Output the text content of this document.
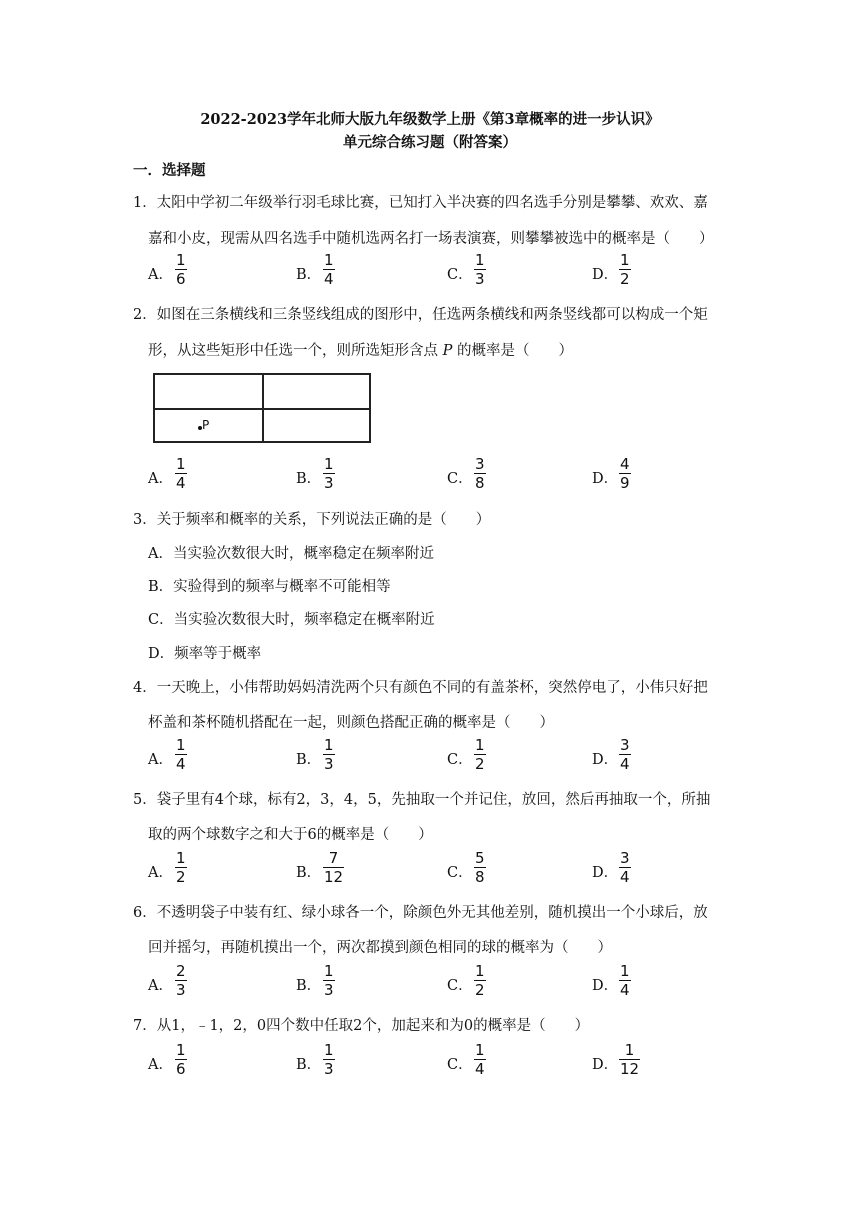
2022-2023学年北师大版九年级数学上册《第3章概率的进一步认识》
单元综合练习题（附答案）
一．选择题
1．太阳中学初二年级举行羽毛球比赛，已知打入半决赛的四名选手分别是攀攀、欢欢、嘉
嘉和小皮，现需从四名选手中随机选两名打一场表演赛，则攀攀被选中的概率是（　　）
A．
1
6	B．
1
4	C．
1
3	D．
1
2
2．如图在三条横线和三条竖线组成的图形中，任选两条横线和两条竖线都可以构成一个矩
形，从这些矩形中任选一个，则所选矩形含点 P 的概率是（　　）
P
A．
1
4	B．
1
3	C．
3
8	D．
4
9
3．关于频率和概率的关系，下列说法正确的是（　　）
A．当实验次数很大时，概率稳定在频率附近
B．实验得到的频率与概率不可能相等
C．当实验次数很大时，频率稳定在概率附近
D．频率等于概率
4．一天晚上，小伟帮助妈妈清洗两个只有颜色不同的有盖茶杯，突然停电了，小伟只好把
杯盖和茶杯随机搭配在一起，则颜色搭配正确的概率是（　　）
A．
1
4	B．
1
3	C．
1
2	D．
3
4
5．袋子里有4个球，标有2，3，4，5，先抽取一个并记住，放回，然后再抽取一个，所抽
取的两个球数字之和大于6的概率是（　　）
A．
1
2	B．
7
12	C．
5
8	D．
3
4
6．不透明袋子中装有红、绿小球各一个，除颜色外无其他差别，随机摸出一个小球后，放
回并摇匀，再随机摸出一个，两次都摸到颜色相同的球的概率为（　　）
A．
2
3	B．
1
3	C．
1
2	D．
1
4
7．从1，﹣1，2，0四个数中任取2个，加起来和为0的概率是（　　）
A．
1
6	B．
1
3	C．
1
4	D．
1
12
